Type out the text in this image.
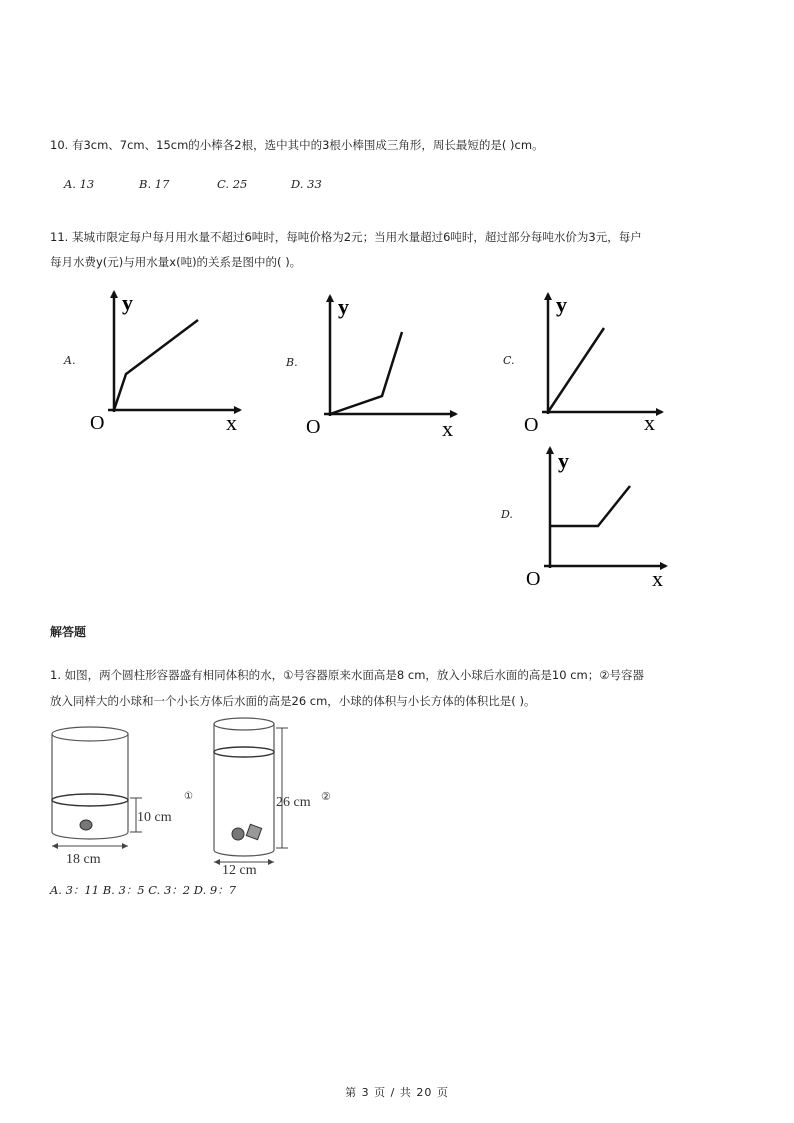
10. 有3cm、7cm、15cm的小棒各2根，选中其中的3根小棒围成三角形，周长最短的是( )cm。
A. 13	B. 17	C. 25	D. 33
11. 某城市限定每户每月用水量不超过6吨时，每吨价格为2元；当用水量超过6吨时，超过部分每吨水价为3元，每户
每月水费y(元)与用水量x(吨)的关系是图中的( )。
A.
y
x
O
B.
y
x
O
C.
y
x
O
D.
y
x
O
解答题
1. 如图，两个圆柱形容器盛有相同体积的水，①号容器原来水面高是8 cm，放入小球后水面的高是10 cm；②号容器
放入同样大的小球和一个小长方体后水面的高是26 cm，小球的体积与小长方体的体积比是( )。
10 cm
18 cm
①	26 cm ②
12 cm
A. 3：11 B. 3：5 C. 3：2 D. 9：7
第 3 页 / 共 20 页
